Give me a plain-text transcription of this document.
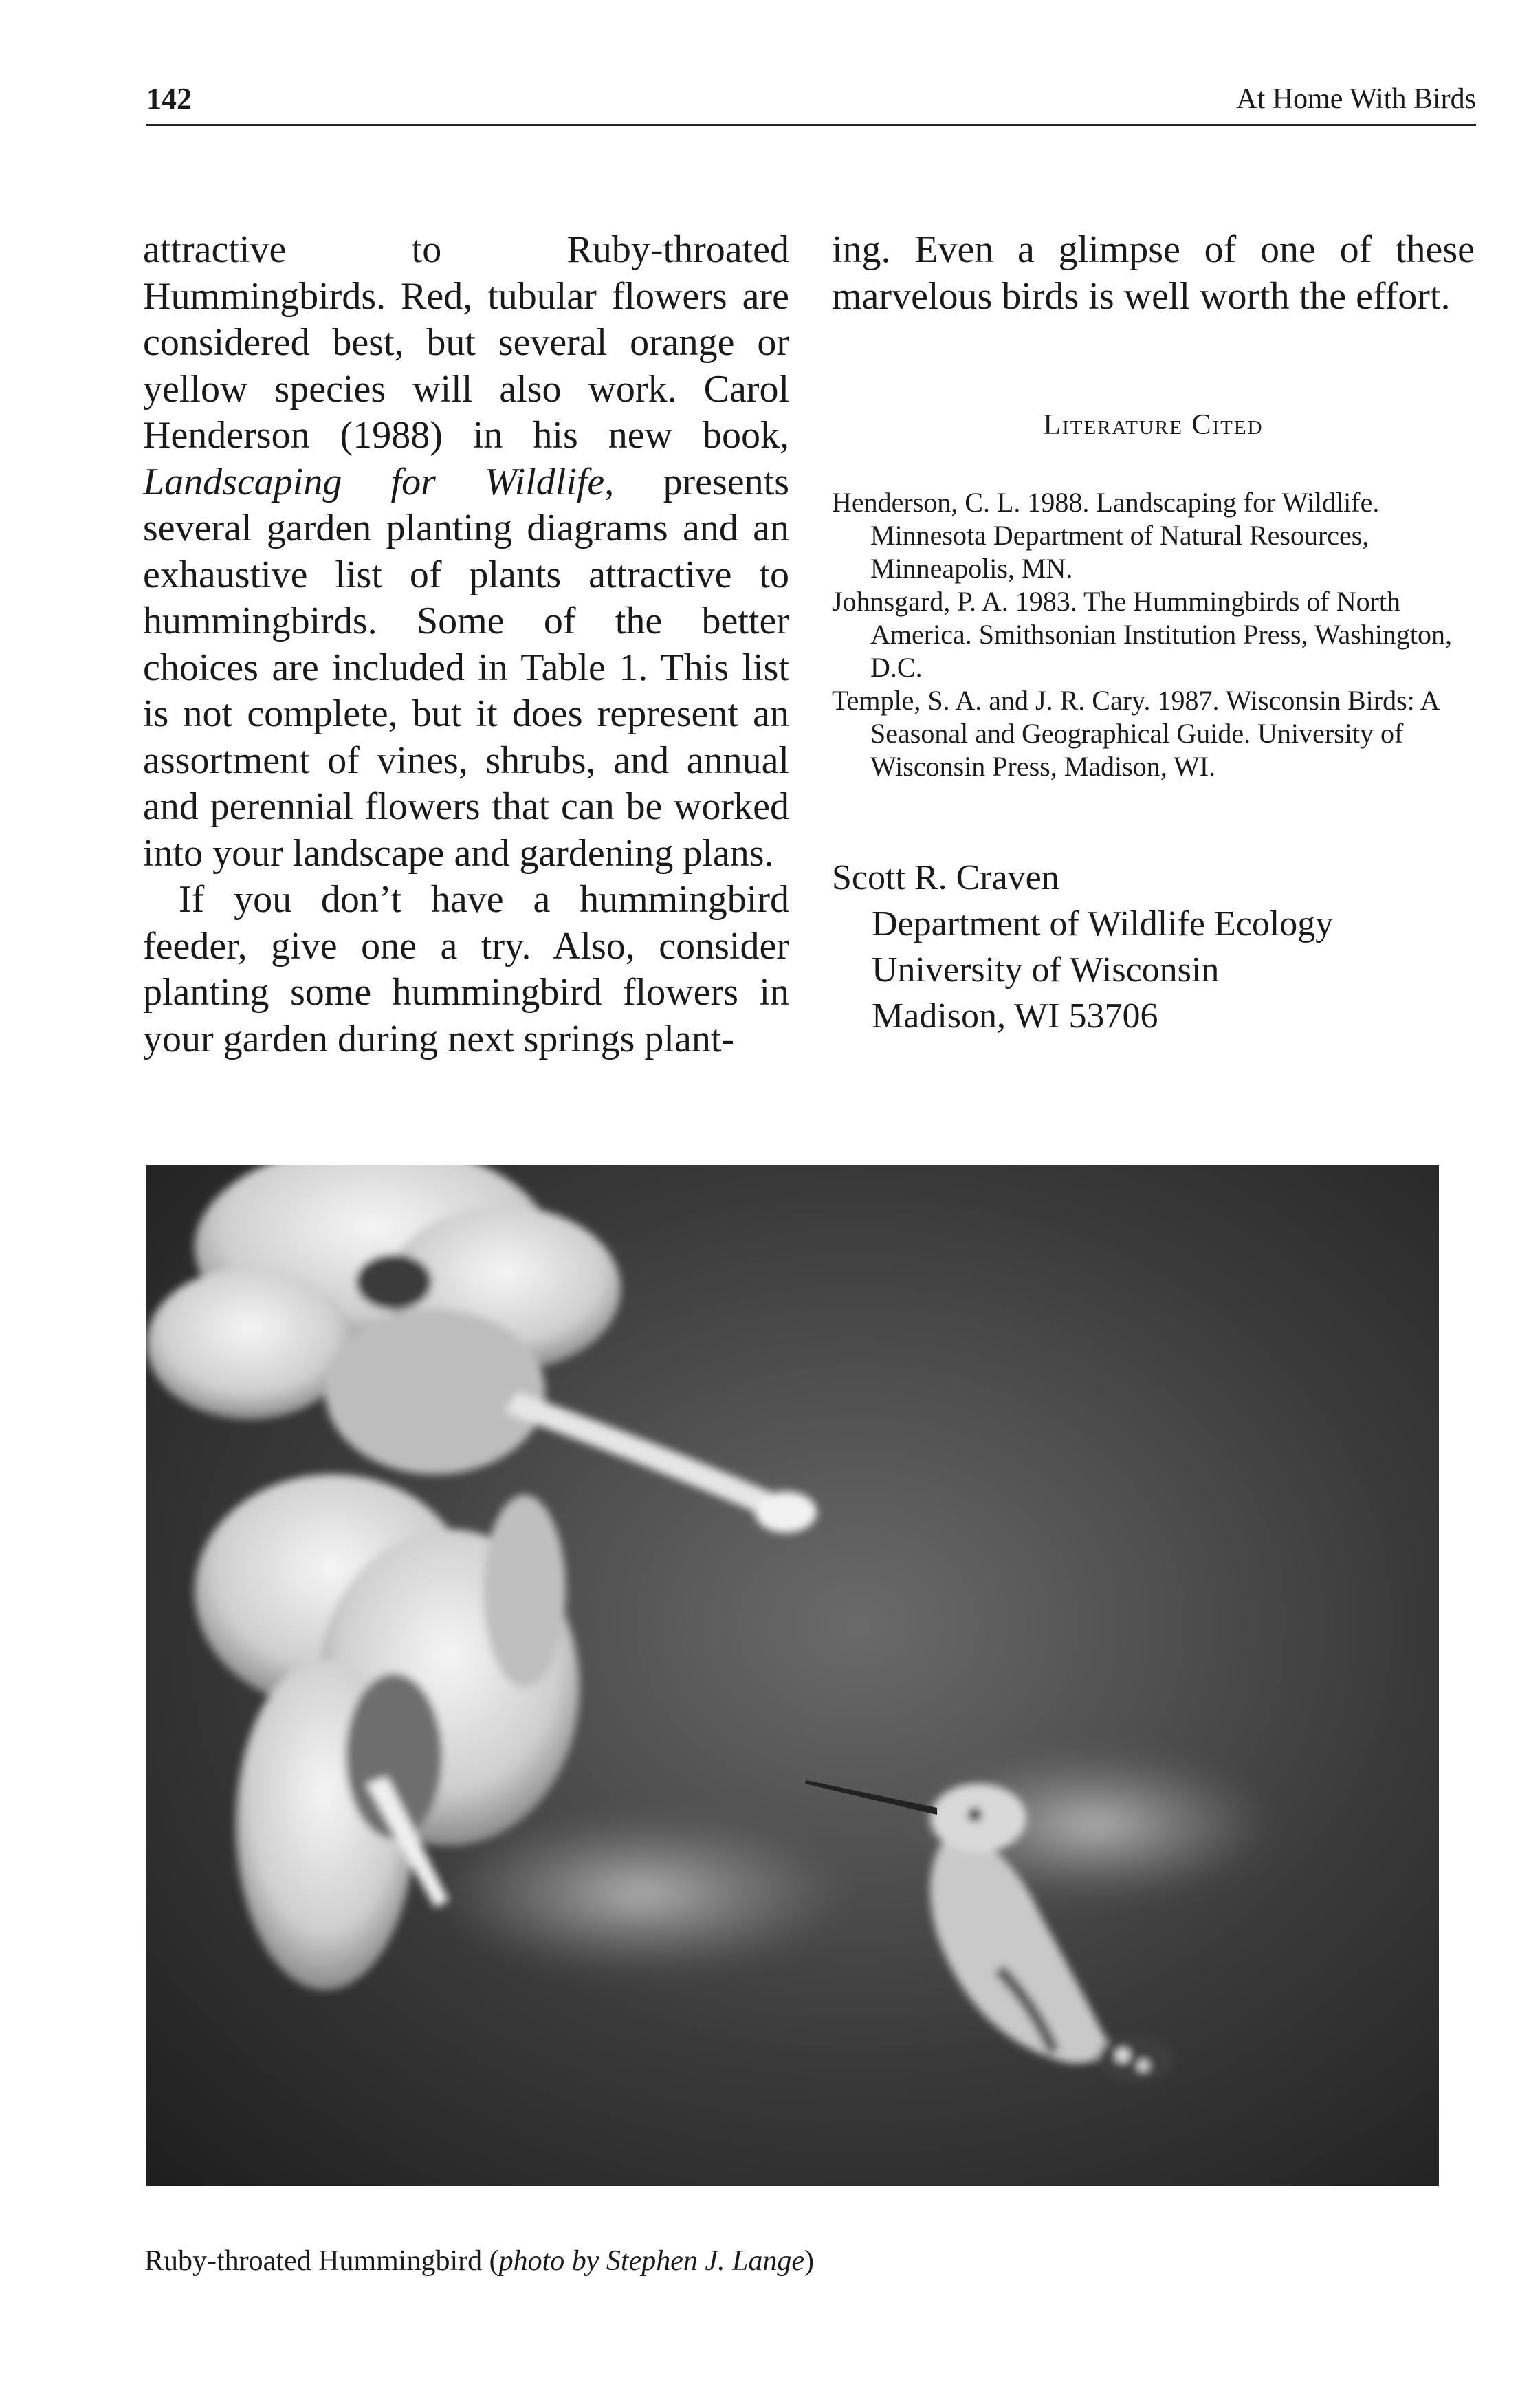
142	At Home With Birds

attractive to Ruby-throated Hummingbirds. Red, tubular flowers are considered best, but several orange or yellow species will also work. Carol Henderson (1988) in his new book, Landscaping for Wildlife, presents several garden planting diagrams and an exhaustive list of plants attractive to hummingbirds. Some of the better choices are included in Table 1. This list is not complete, but it does represent an assortment of vines, shrubs, and annual and perennial flowers that can be worked into your landscape and gardening plans.

If you don’t have a hummingbird feeder, give one a try. Also, consider planting some hummingbird flowers in your garden during next springs plant-

ing. Even a glimpse of one of these marvelous birds is well worth the effort.

Literature Cited
Henderson, C. L. 1988. Landscaping for Wildlife. Minnesota Department of Natural Resources, Minneapolis, MN.
Johnsgard, P. A. 1983. The Hummingbirds of North America. Smithsonian Institution Press, Washington, D.C.
Temple, S. A. and J. R. Cary. 1987. Wisconsin Birds: A Seasonal and Geographical Guide. University of Wisconsin Press, Madison, WI.
Scott R. Craven
Department of Wildlife Ecology
University of Wisconsin
Madison, WI 53706
Ruby-throated Hummingbird (photo by Stephen J. Lange)
